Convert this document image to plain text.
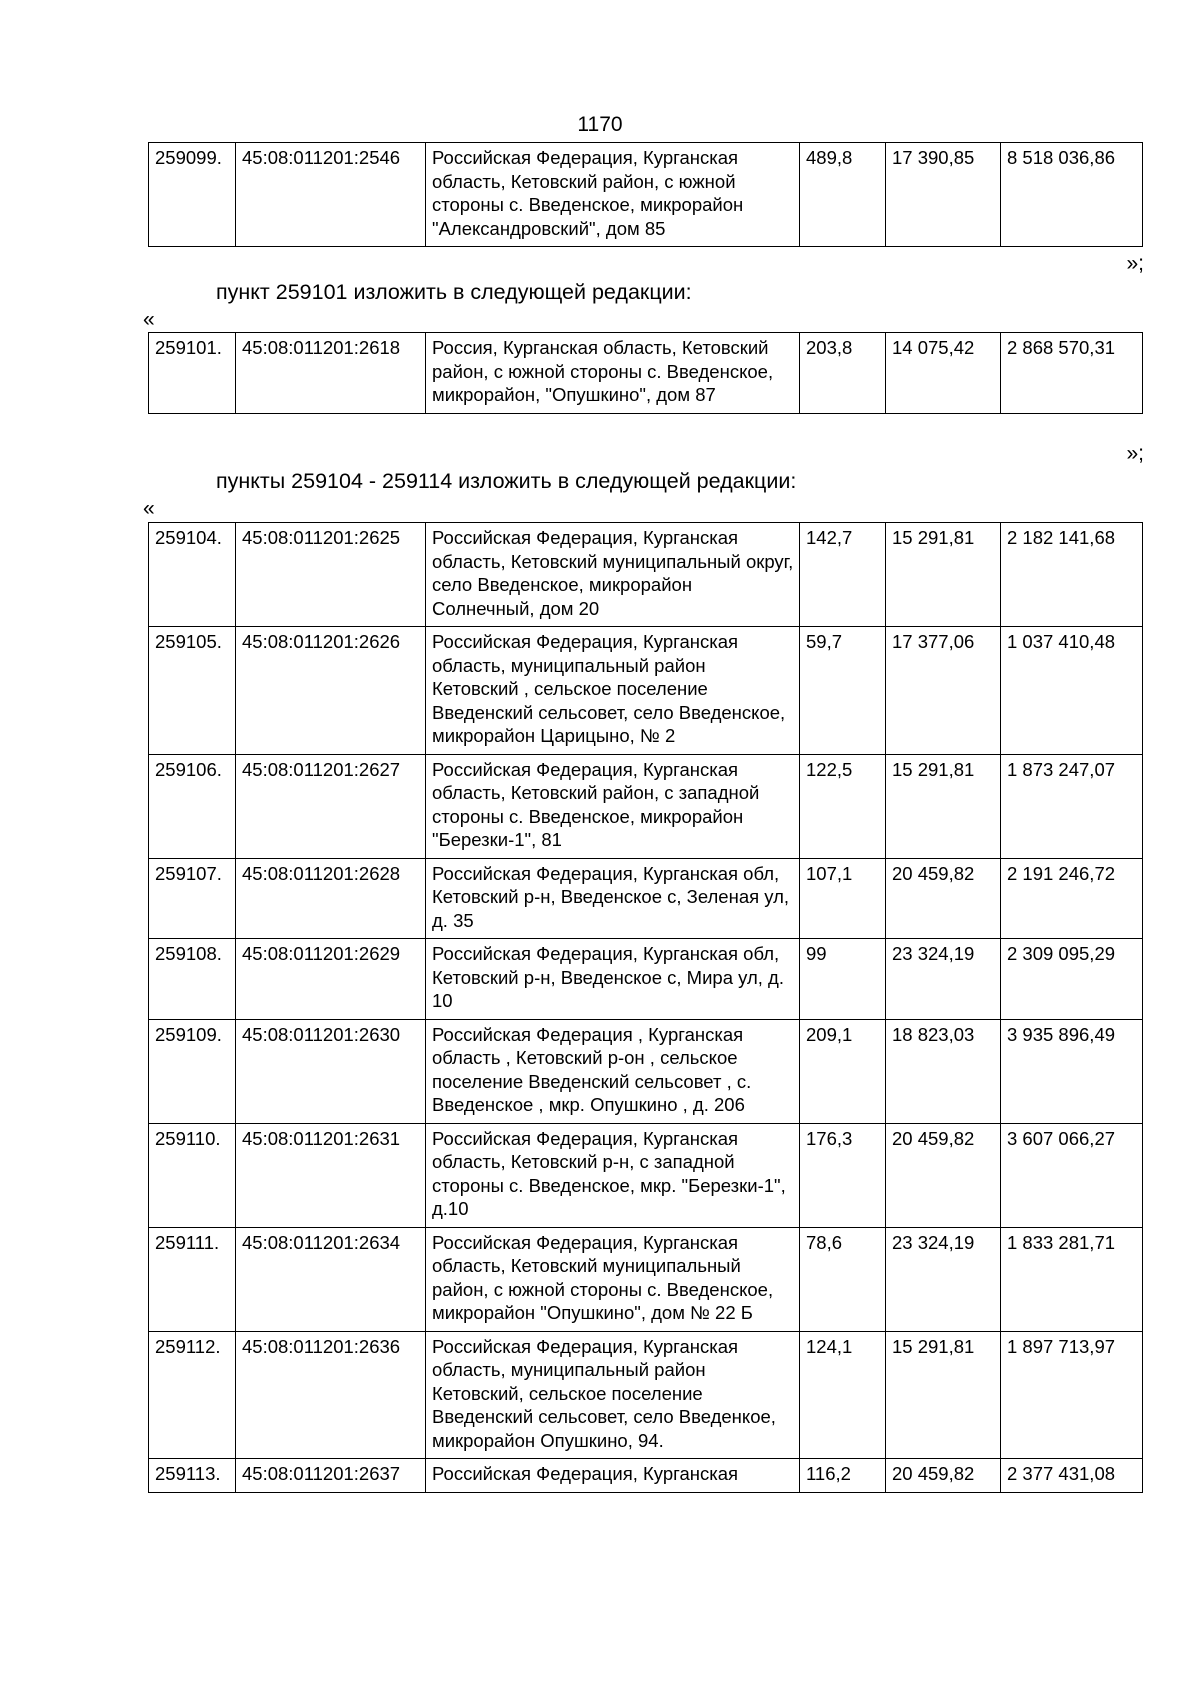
1170
259099.	45:08:011201:2546	Российская Федерация, Курганская область, Кетовский район, с южной стороны с. Введенское, микрорайон "Александровский", дом 85	489,8	17 390,85	8 518 036,86
»;
пункт 259101 изложить в следующей редакции:
«
259101.	45:08:011201:2618	Россия, Курганская область, Кетовский район, с южной стороны с. Введенское, микрорайон, "Опушкино", дом 87	203,8	14 075,42	2 868 570,31
»;
пункты 259104 - 259114 изложить в следующей редакции:
«
259104.	45:08:011201:2625	Российская Федерация, Курганская область, Кетовский муниципальный округ, село Введенское, микрорайон Солнечный, дом 20	142,7	15 291,81	2 182 141,68
259105.	45:08:011201:2626	Российская Федерация, Курганская область, муниципальный район Кетовский , сельское поселение Введенский сельсовет, село Введенское, микрорайон Царицыно, № 2	59,7	17 377,06	1 037 410,48
259106.	45:08:011201:2627	Российская Федерация, Курганская область, Кетовский район, с западной стороны с. Введенское, микрорайон "Березки-1", 81	122,5	15 291,81	1 873 247,07
259107.	45:08:011201:2628	Российская Федерация, Курганская обл, Кетовский р-н, Введенское с, Зеленая ул, д. 35	107,1	20 459,82	2 191 246,72
259108.	45:08:011201:2629	Российская Федерация, Курганская обл, Кетовский р-н, Введенское с, Мира ул, д. 10	99	23 324,19	2 309 095,29
259109.	45:08:011201:2630	Российская Федерация , Курганская область , Кетовский р-он , сельское поселение Введенский сельсовет , с. Введенское , мкр. Опушкино , д. 206	209,1	18 823,03	3 935 896,49
259110.	45:08:011201:2631	Российская Федерация, Курганская область, Кетовский р-н, с западной стороны с. Введенское, мкр. "Березки-1", д.10	176,3	20 459,82	3 607 066,27
259111.	45:08:011201:2634	Российская Федерация, Курганская область, Кетовский муниципальный район, с южной стороны с. Введенское, микрорайон "Опушкино", дом № 22 Б	78,6	23 324,19	1 833 281,71
259112.	45:08:011201:2636	Российская Федерация, Курганская область, муниципальный район Кетовский, сельское поселение Введенский сельсовет, село Введенкое, микрорайон Опушкино, 94.	124,1	15 291,81	1 897 713,97
259113.	45:08:011201:2637	Российская Федерация, Курганская	116,2	20 459,82	2 377 431,08
